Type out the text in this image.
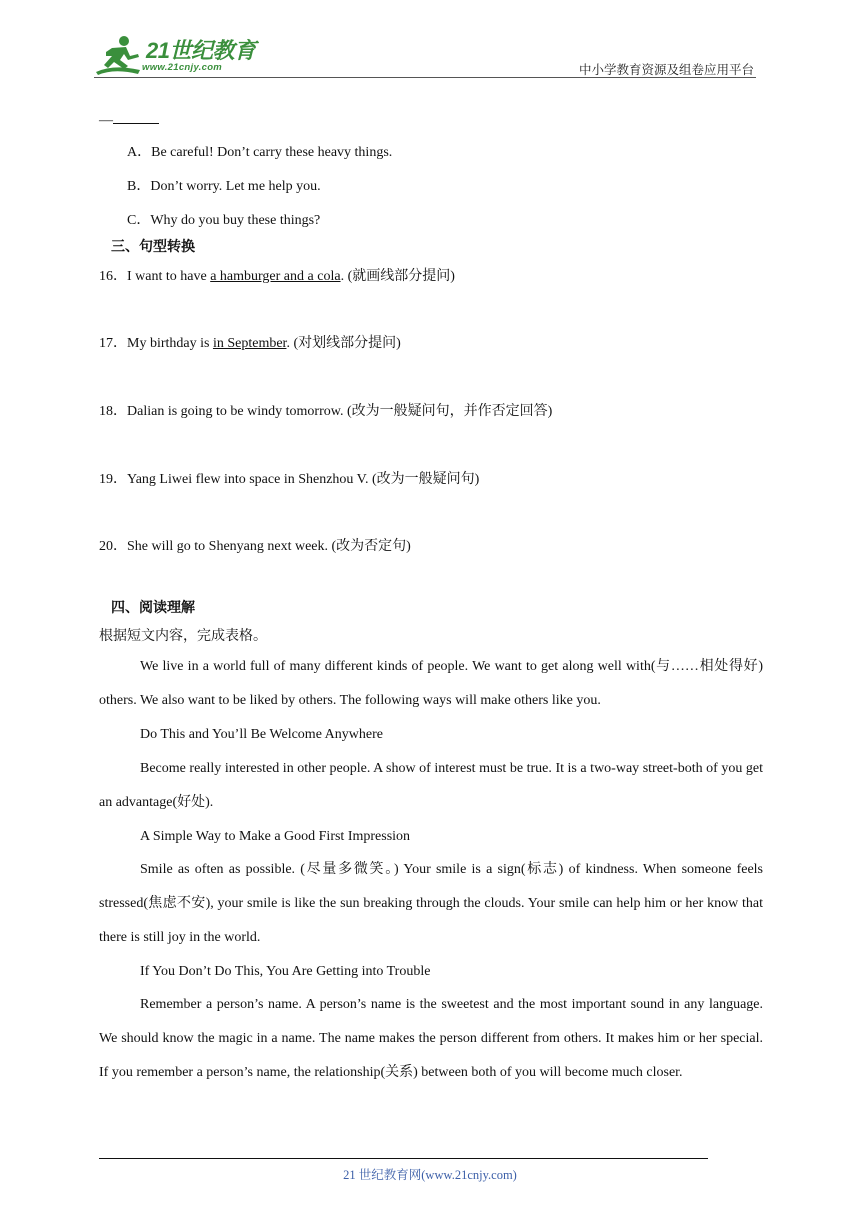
21世纪教育
www.21cnjy.com	中小学教育资源及组卷应用平台
—
A．Be careful! Don’t carry these heavy things.
B．Don’t worry. Let me help you.
C．Why do you buy these things?
三、句型转换
16．I want to have a hamburger and a cola. (就画线部分提问)
17．My birthday is in September. (对划线部分提问)
18．Dalian is going to be windy tomorrow. (改为一般疑问句，并作否定回答)
19．Yang Liwei flew into space in Shenzhou V. (改为一般疑问句)
20．She will go to Shenyang next week. (改为否定句)
四、阅读理解
根据短文内容，完成表格。
We live in a world full of many different kinds of people. We want to get along well with(与……相处得好) others. We also want to be liked by others. The following ways will make others like you.
Do This and You’ll Be Welcome Anywhere
Become really interested in other people. A show of interest must be true. It is a two-way street-both of you get an advantage(好处).
A Simple Way to Make a Good First Impression
Smile as often as possible. (尽量多微笑。) Your smile is a sign(标志) of kindness. When someone feels stressed(焦虑不安), your smile is like the sun breaking through the clouds. Your smile can help him or her know that there is still joy in the world.
If You Don’t Do This, You Are Getting into Trouble
Remember a person’s name. A person’s name is the sweetest and the most important sound in any language. We should know the magic in a name. The name makes the person different from others. It makes him or her special. If you remember a person’s name, the relationship(关系) between both of you will become much closer.
21 世纪教育网(www.21cnjy.com)
